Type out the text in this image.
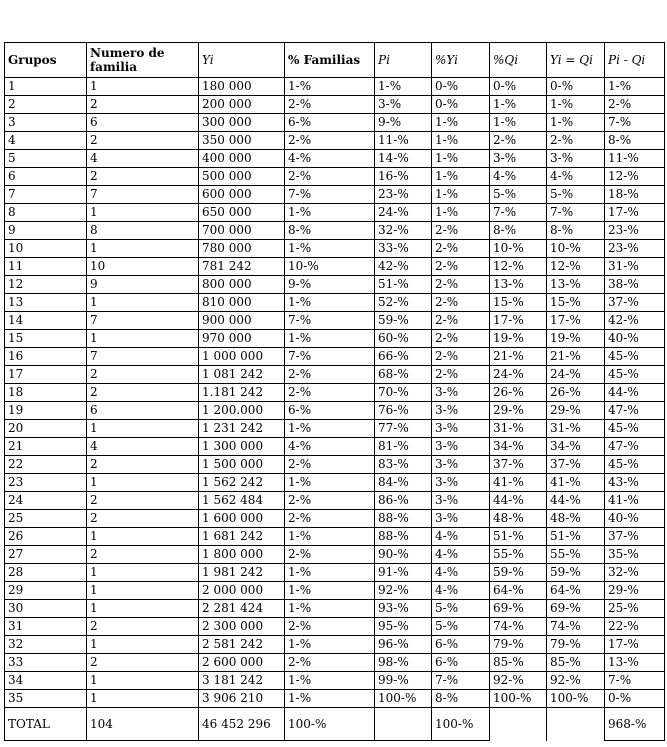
Grupos	Numero de familia	Yi	% Familias	Pi	%Yi	%Qi	Yi = Qi	Pi - Qi
1	1	180 000	1-%	1-%	0-%	0-%	0-%	1-%
2	2	200 000	2-%	3-%	0-%	1-%	1-%	2-%
3	6	300 000	6-%	9-%	1-%	1-%	1-%	7-%
4	2	350 000	2-%	11-%	1-%	2-%	2-%	8-%
5	4	400 000	4-%	14-%	1-%	3-%	3-%	11-%
6	2	500 000	2-%	16-%	1-%	4-%	4-%	12-%
7	7	600 000	7-%	23-%	1-%	5-%	5-%	18-%
8	1	650 000	1-%	24-%	1-%	7-%	7-%	17-%
9	8	700 000	8-%	32-%	2-%	8-%	8-%	23-%
10	1	780 000	1-%	33-%	2-%	10-%	10-%	23-%
11	10	781 242	10-%	42-%	2-%	12-%	12-%	31-%
12	9	800 000	9-%	51-%	2-%	13-%	13-%	38-%
13	1	810 000	1-%	52-%	2-%	15-%	15-%	37-%
14	7	900 000	7-%	59-%	2-%	17-%	17-%	42-%
15	1	970 000	1-%	60-%	2-%	19-%	19-%	40-%
16	7	1 000 000	7-%	66-%	2-%	21-%	21-%	45-%
17	2	1 081 242	2-%	68-%	2-%	24-%	24-%	45-%
18	2	1.181 242	2-%	70-%	3-%	26-%	26-%	44-%
19	6	1 200.000	6-%	76-%	3-%	29-%	29-%	47-%
20	1	1 231 242	1-%	77-%	3-%	31-%	31-%	45-%
21	4	1 300 000	4-%	81-%	3-%	34-%	34-%	47-%
22	2	1 500 000	2-%	83-%	3-%	37-%	37-%	45-%
23	1	1 562 242	1-%	84-%	3-%	41-%	41-%	43-%
24	2	1 562 484	2-%	86-%	3-%	44-%	44-%	41-%
25	2	1 600 000	2-%	88-%	3-%	48-%	48-%	40-%
26	1	1 681 242	1-%	88-%	4-%	51-%	51-%	37-%
27	2	1 800 000	2-%	90-%	4-%	55-%	55-%	35-%
28	1	1 981 242	1-%	91-%	4-%	59-%	59-%	32-%
29	1	2 000 000	1-%	92-%	4-%	64-%	64-%	29-%
30	1	2 281 424	1-%	93-%	5-%	69-%	69-%	25-%
31	2	2 300 000	2-%	95-%	5-%	74-%	74-%	22-%
32	1	2 581 242	1-%	96-%	6-%	79-%	79-%	17-%
33	2	2 600 000	2-%	98-%	6-%	85-%	85-%	13-%
34	1	3 181 242	1-%	99-%	7-%	92-%	92-%	7-%
35	1	3 906 210	1-%	100-%	8-%	100-%	100-%	0-%
TOTAL	104	46 452 296	100-%		100-%			968-%
